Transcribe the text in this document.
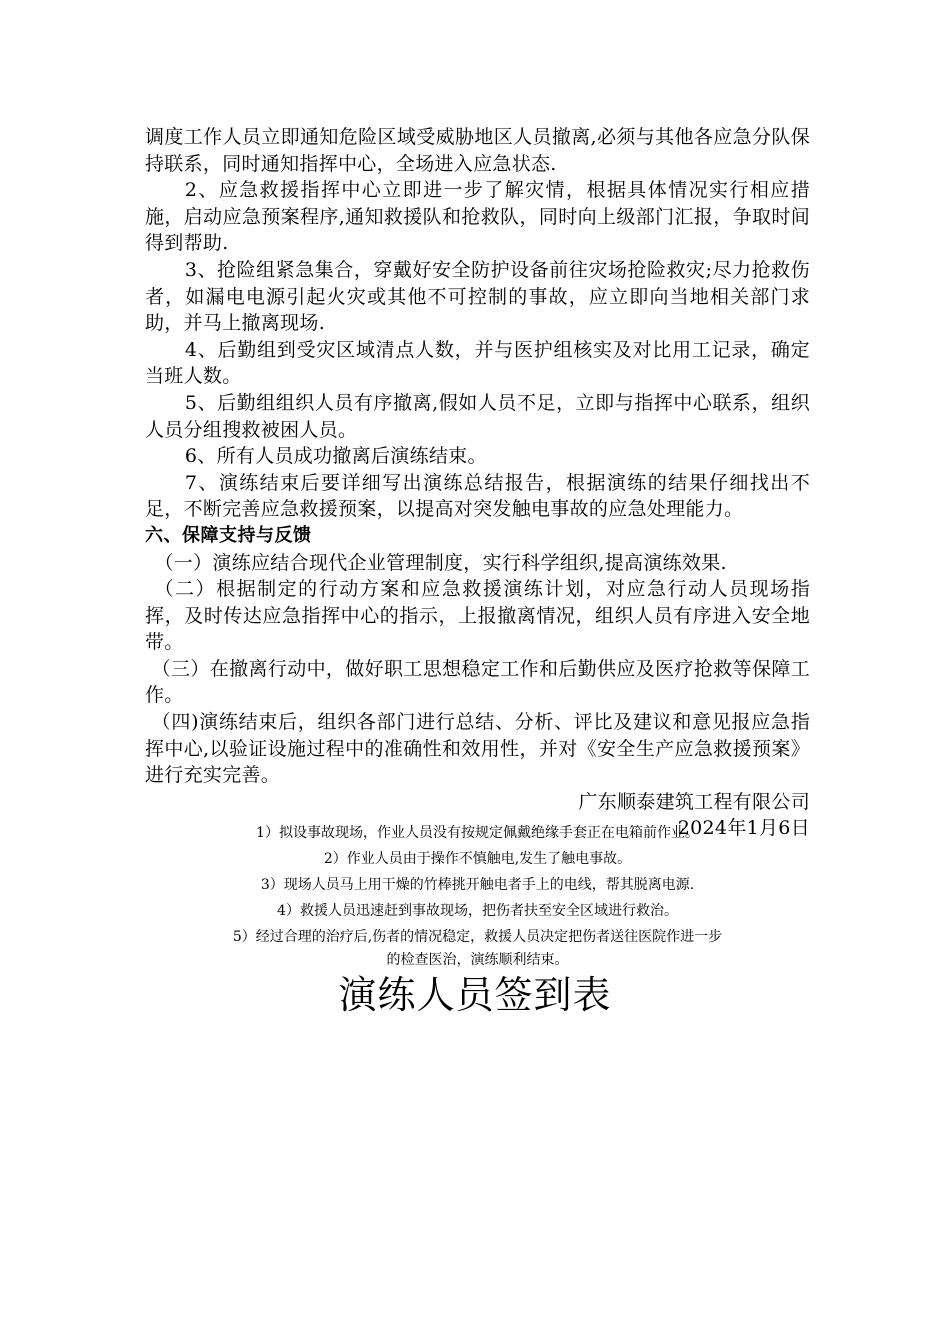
调度工作人员立即通知危险区域受威胁地区人员撤离,必须与其他各应急分队保持联系，同时通知指挥中心，全场进入应急状态.

2、应急救援指挥中心立即进一步了解灾情，根据具体情况实行相应措施，启动应急预案程序,通知救援队和抢救队，同时向上级部门汇报，争取时间得到帮助.

3、抢险组紧急集合，穿戴好安全防护设备前往灾场抢险救灾;尽力抢救伤者，如漏电电源引起火灾或其他不可控制的事故，应立即向当地相关部门求助，并马上撤离现场.

4、后勤组到受灾区域清点人数，并与医护组核实及对比用工记录，确定当班人数。

5、后勤组组织人员有序撤离,假如人员不足，立即与指挥中心联系，组织人员分组搜救被困人员。

6、所有人员成功撤离后演练结束。

7、演练结束后要详细写出演练总结报告，根据演练的结果仔细找出不足，不断完善应急救援预案，以提高对突发触电事故的应急处理能力。

六、保障支持与反馈

（一）演练应结合现代企业管理制度，实行科学组织,提高演练效果.

（二）根据制定的行动方案和应急救援演练计划，对应急行动人员现场指挥，及时传达应急指挥中心的指示，上报撤离情况，组织人员有序进入安全地带。

（三）在撤离行动中，做好职工思想稳定工作和后勤供应及医疗抢救等保障工作。

（四)演练结束后，组织各部门进行总结、分析、评比及建议和意见报应急指挥中心,以验证设施过程中的准确性和效用性，并对《安全生产应急救援预案》进行充实完善。

广东顺泰建筑工程有限公司

2024年1月6日

1）拟设事故现场，作业人员没有按规定佩戴绝缘手套正在电箱前作业。

2）作业人员由于操作不慎触电,发生了触电事故。

3）现场人员马上用干燥的竹棒挑开触电者手上的电线，帮其脱离电源.

4）救援人员迅速赶到事故现场，把伤者扶至安全区域进行救治。

5）经过合理的治疗后,伤者的情况稳定，救援人员决定把伤者送往医院作进一步

的检查医治，演练顺利结束。

演练人员签到表
